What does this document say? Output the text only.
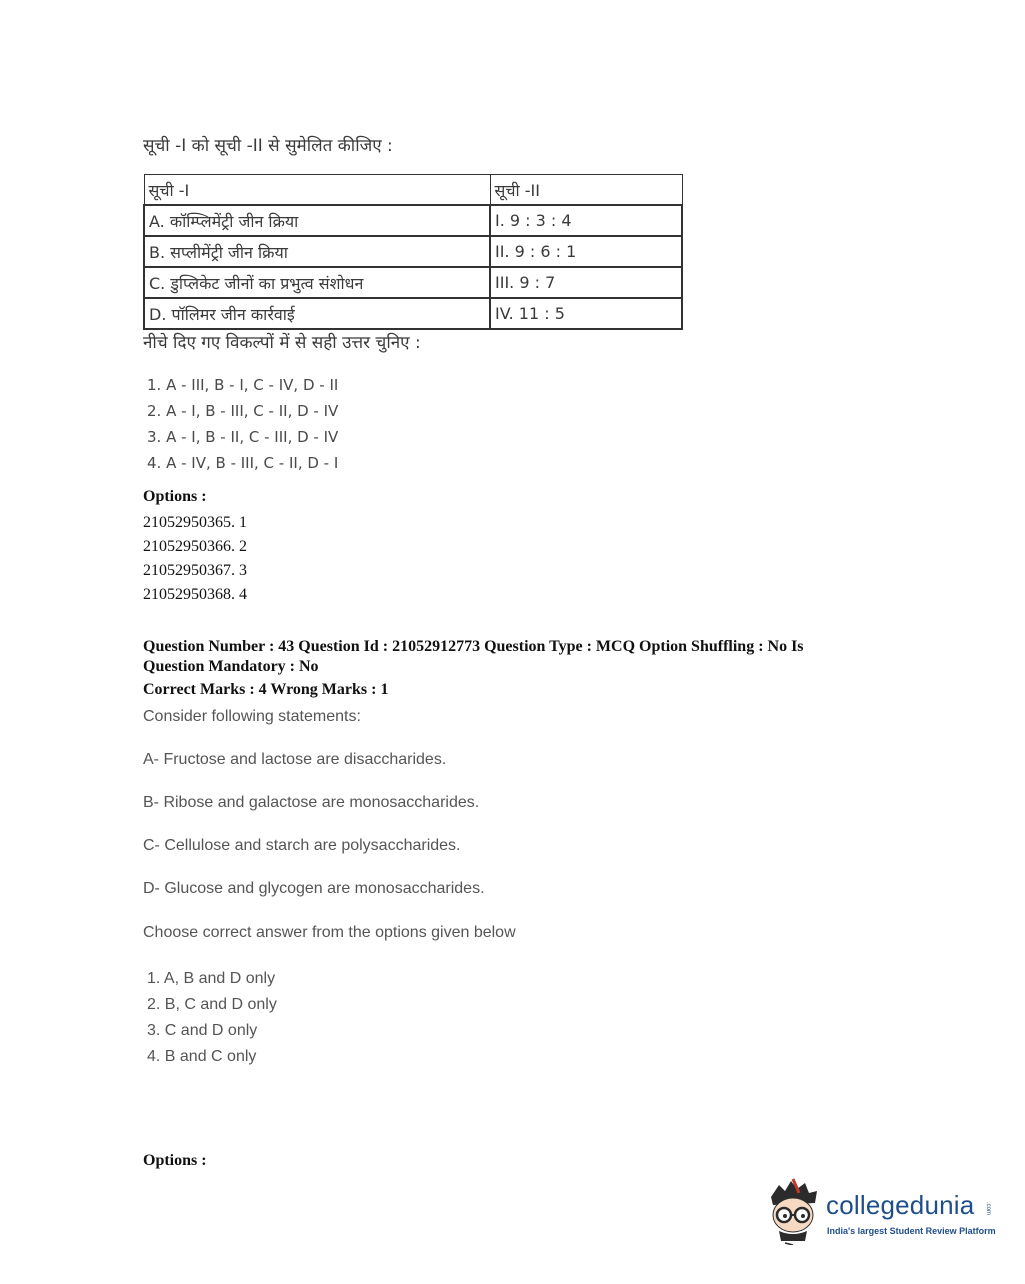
सूची -I को सूची -II से सुमेलित कीजिए :
सूची -I	सूची -II
A. कॉम्प्लिमेंट्री जीन क्रिया	I. 9 : 3 : 4
B. सप्लीमेंट्री जीन क्रिया	II. 9 : 6 : 1
C. डुप्लिकेट जीनों का प्रभुत्व संशोधन	III. 9 : 7
D. पॉलिमर जीन कार्रवाई	IV. 11 : 5
नीचे दिए गए विकल्पों में से सही उत्तर चुनिए :
1. A - III, B - I, C - IV, D - II
2. A - I, B - III, C - II, D - IV
3. A - I, B - II, C - III, D - IV
4. A - IV, B - III, C - II, D - I
Options :
21052950365. 1
21052950366. 2
21052950367. 3
21052950368. 4
Question Number : 43 Question Id : 21052912773 Question Type : MCQ Option Shuffling : No Is
Question Mandatory : No
Correct Marks : 4 Wrong Marks : 1
Consider following statements:
A- Fructose and lactose are disaccharides.
B- Ribose and galactose are monosaccharides.
C- Cellulose and starch are polysaccharides.
D- Glucose and glycogen are monosaccharides.
Choose correct answer from the options given below
1. A, B and D only
2. B, C and D only
3. C and D only
4. B and C only
Options :
collegedunia .com
India's largest Student Review Platform
